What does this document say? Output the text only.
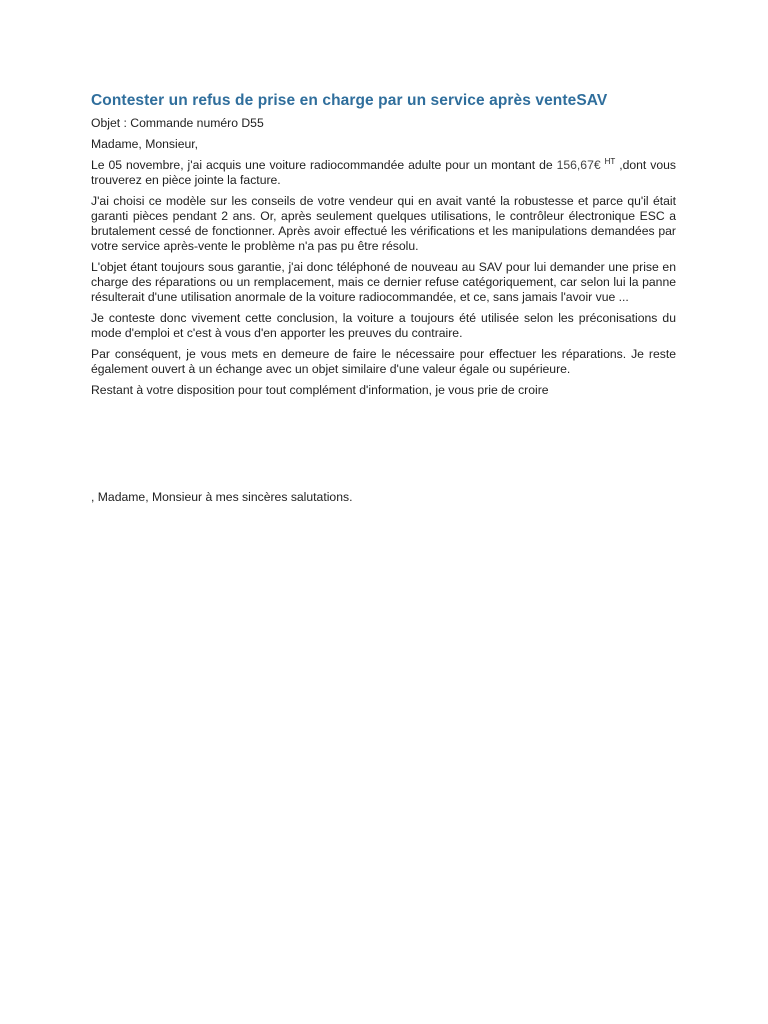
Contester un refus de prise en charge par un service après venteSAV

Objet : Commande numéro D55

Madame, Monsieur,

Le 05 novembre, j'ai acquis une voiture radiocommandée adulte pour un montant de 156,67€ $^{HT}$ ,dont vous trouverez en pièce jointe la facture.

J'ai choisi ce modèle sur les conseils de votre vendeur qui en avait vanté la robustesse et parce qu'il était garanti pièces pendant 2 ans. Or, après seulement quelques utilisations, le contrôleur électronique ESC a brutalement cessé de fonctionner. Après avoir effectué les vérifications et les manipulations demandées par votre service après-vente le problème n'a pas pu être résolu.

L'objet étant toujours sous garantie, j'ai donc téléphoné de nouveau au SAV pour lui demander une prise en charge des réparations ou un remplacement, mais ce dernier refuse catégoriquement, car selon lui la panne résulterait d'une utilisation anormale de la voiture radiocommandée, et ce, sans jamais l'avoir vue ...

Je conteste donc vivement cette conclusion, la voiture a toujours été utilisée selon les préconisations du mode d'emploi et c'est à vous d'en apporter les preuves du contraire.

Par conséquent, je vous mets en demeure de faire le nécessaire pour effectuer les réparations. Je reste également ouvert à un échange avec un objet similaire d'une valeur égale ou supérieure.

Restant à votre disposition pour tout complément d'information, je vous prie de croire

, Madame, Monsieur à mes sincères salutations.
